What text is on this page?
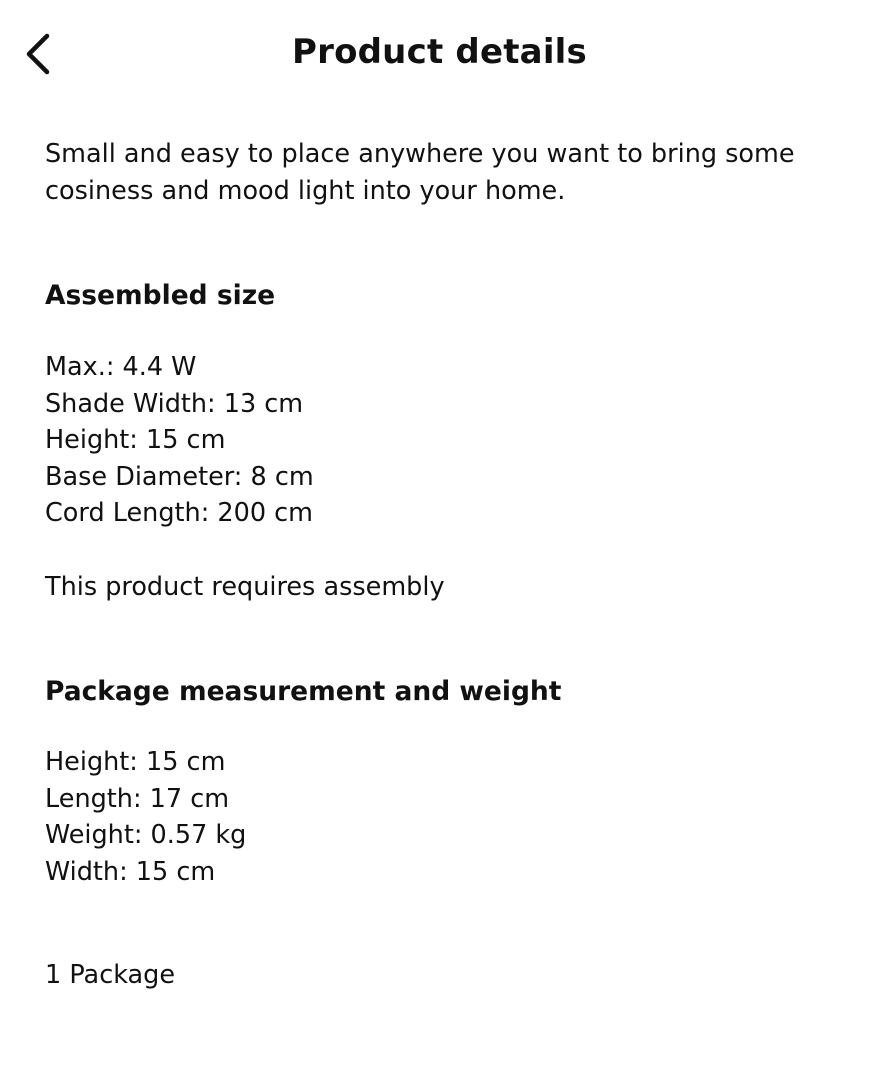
Product details

Small and easy to place anywhere you want to bring some cosiness and mood light into your home.

Assembled size
Max.: 4.4 W
Shade Width: 13 cm
Height: 15 cm
Base Diameter: 8 cm
Cord Length: 200 cm

This product requires assembly

Package measurement and weight
Height: 15 cm
Length: 17 cm
Weight: 0.57 kg
Width: 15 cm

1 Package
